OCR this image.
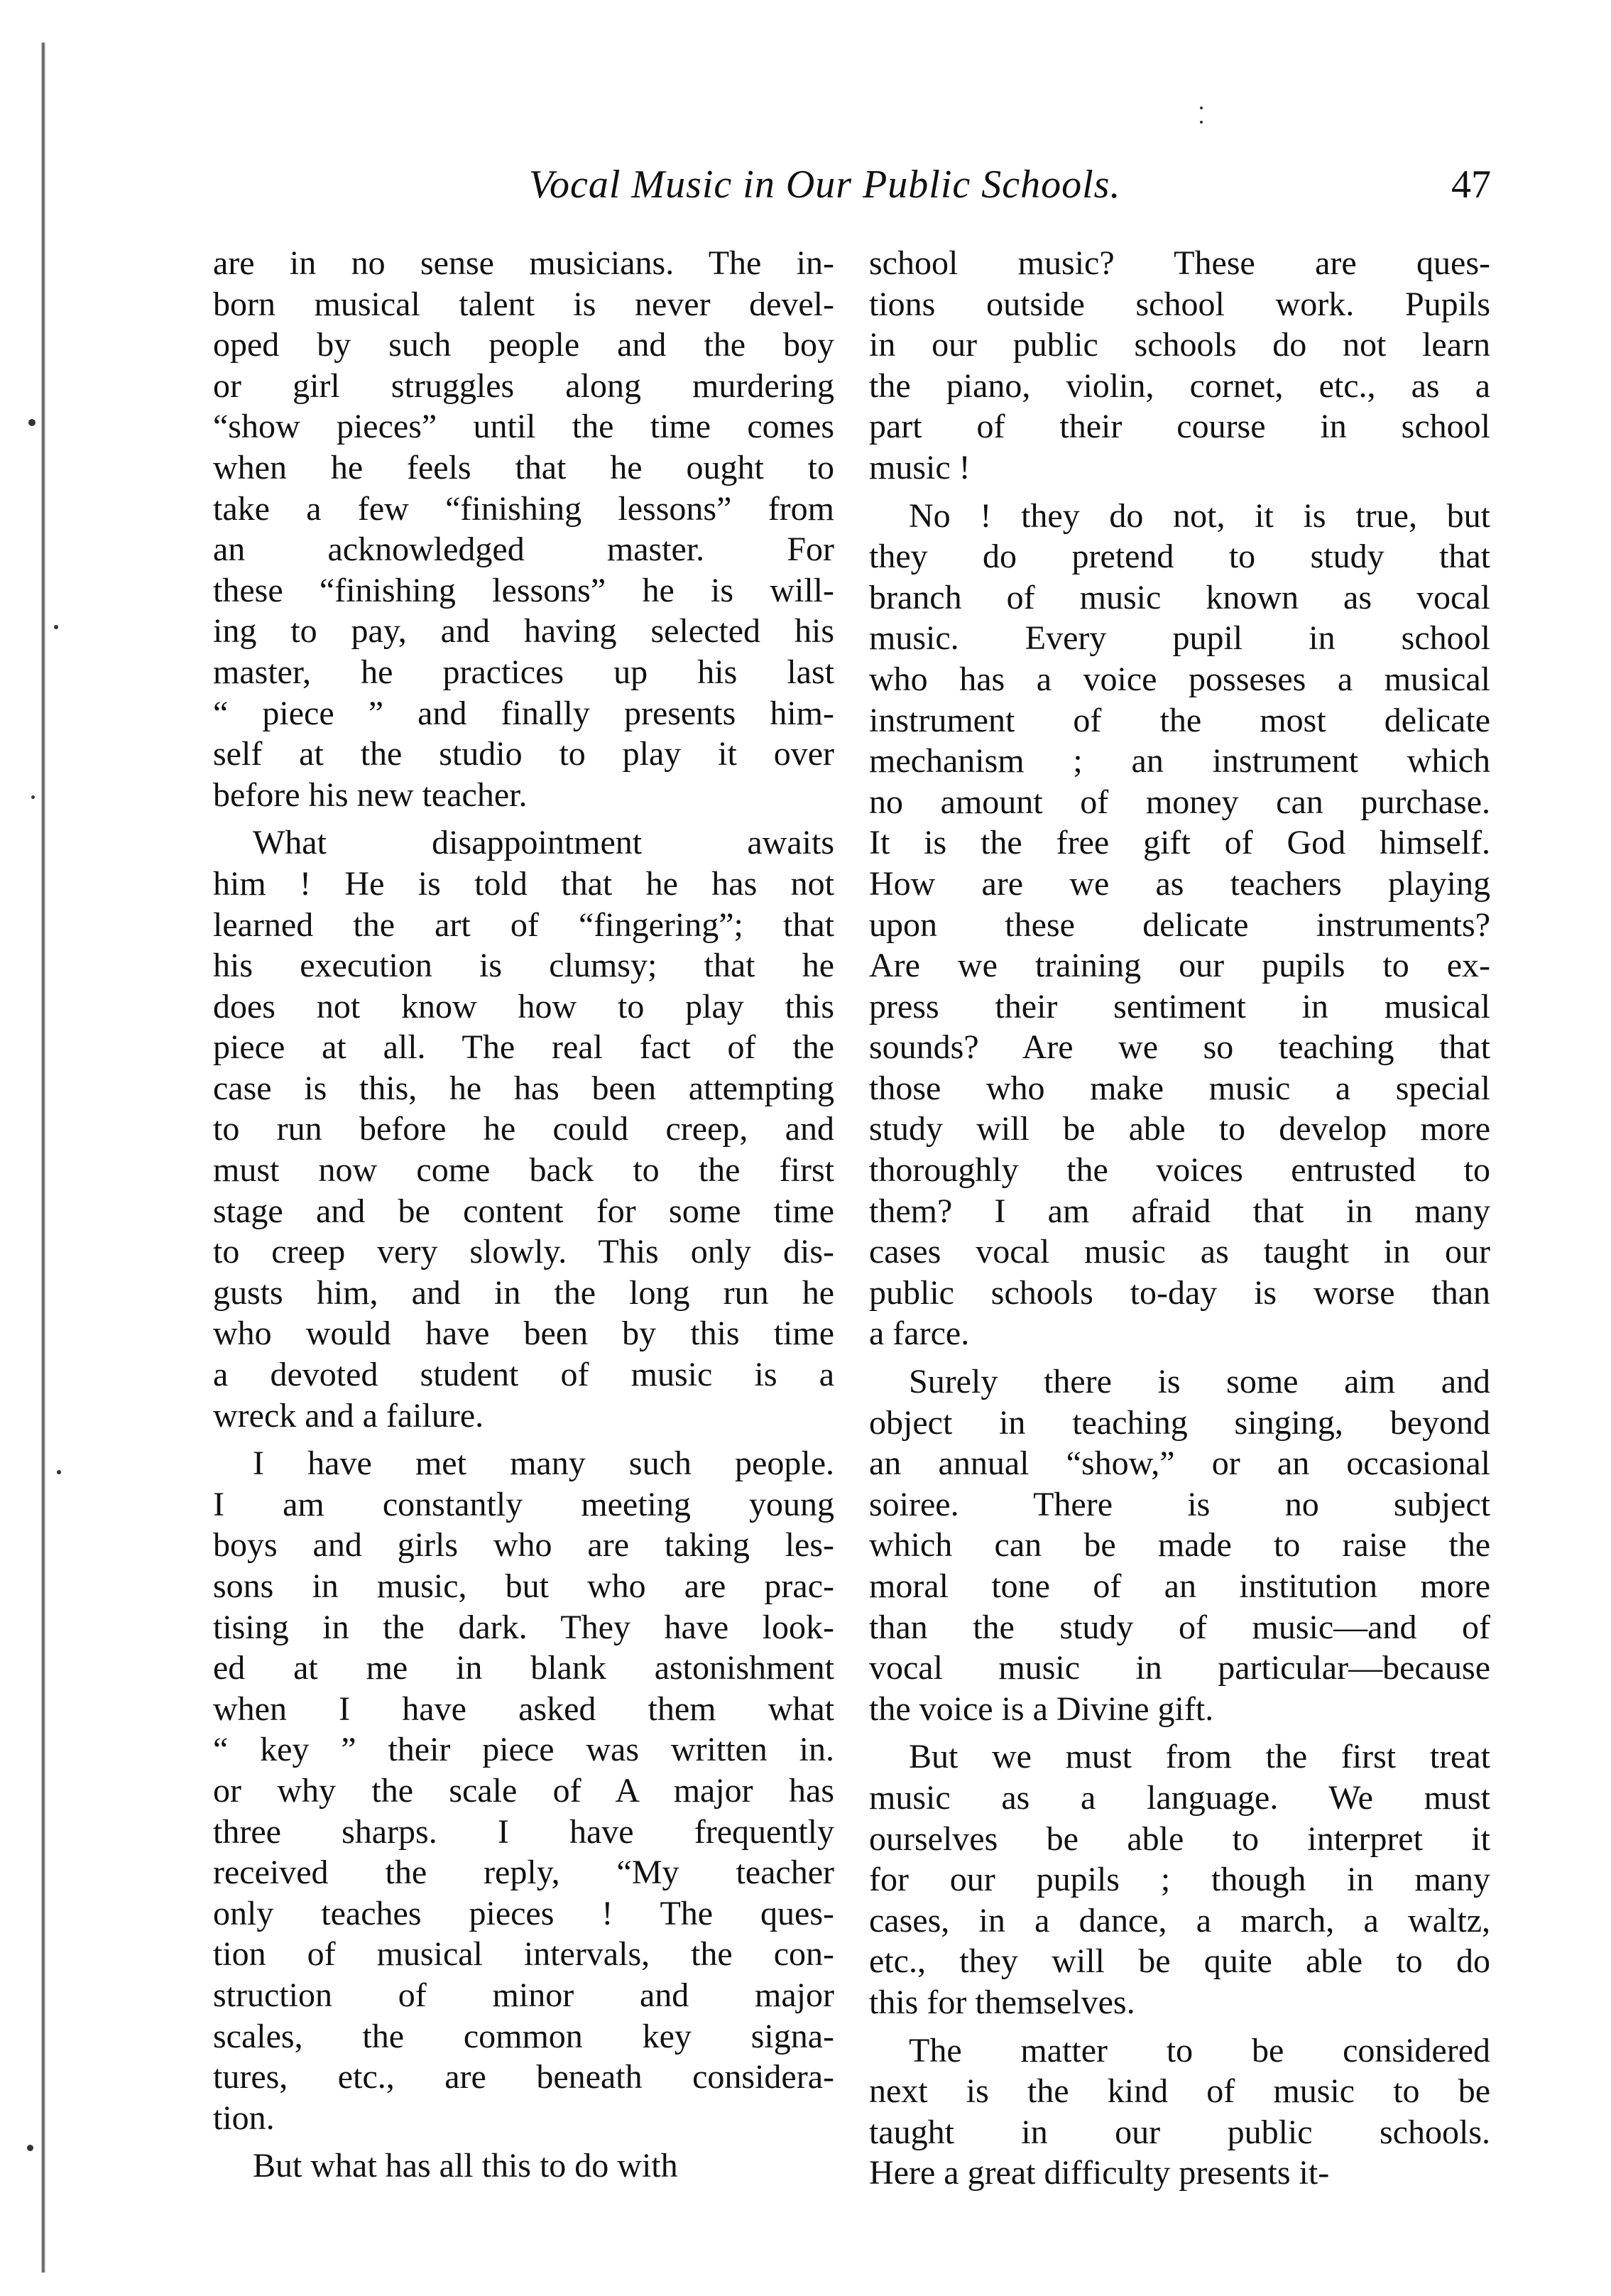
Vocal Music in Our Public Schools.	47
are in no sense musicians. The in-
born musical talent is never devel-
oped by such people and the boy
or girl struggles along murdering
“show pieces” until the time comes
when he feels that he ought to
take a few “finishing lessons” from
an acknowledged master. For
these “finishing lessons” he is will-
ing to pay, and having selected his
master, he practices up his last
“ piece ” and finally presents him-
self at the studio to play it over
before his new teacher.
What disappointment awaits
him ! He is told that he has not
learned the art of “fingering”; that
his execution is clumsy; that he
does not know how to play this
piece at all. The real fact of the
case is this, he has been attempting
to run before he could creep, and
must now come back to the first
stage and be content for some time
to creep very slowly. This only dis-
gusts him, and in the long run he
who would have been by this time
a devoted student of music is a
wreck and a failure.
I have met many such people.
I am constantly meeting young
boys and girls who are taking les-
sons in music, but who are prac-
tising in the dark. They have look-
ed at me in blank astonishment
when I have asked them what
“ key ” their piece was written in.
or why the scale of A major has
three sharps. I have frequently
received the reply, “My teacher
only teaches pieces ! The ques-
tion of musical intervals, the con-
struction of minor and major
scales, the common key signa-
tures, etc., are beneath considera-
tion.
But what has all this to do with
school music? These are ques-
tions outside school work. Pupils
in our public schools do not learn
the piano, violin, cornet, etc., as a
part of their course in school
music !
No ! they do not, it is true, but
they do pretend to study that
branch of music known as vocal
music. Every pupil in school
who has a voice posseses a musical
instrument of the most delicate
mechanism ; an instrument which
no amount of money can purchase.
It is the free gift of God himself.
How are we as teachers playing
upon these delicate instruments?
Are we training our pupils to ex-
press their sentiment in musical
sounds? Are we so teaching that
those who make music a special
study will be able to develop more
thoroughly the voices entrusted to
them? I am afraid that in many
cases vocal music as taught in our
public schools to-day is worse than
a farce.
Surely there is some aim and
object in teaching singing, beyond
an annual “show,” or an occasional
soiree. There is no subject
which can be made to raise the
moral tone of an institution more
than the study of music—and of
vocal music in particular—because
the voice is a Divine gift.
But we must from the first treat
music as a language. We must
ourselves be able to interpret it
for our pupils ; though in many
cases, in a dance, a march, a waltz,
etc., they will be quite able to do
this for themselves.
The matter to be considered
next is the kind of music to be
taught in our public schools.
Here a great difficulty presents it-
